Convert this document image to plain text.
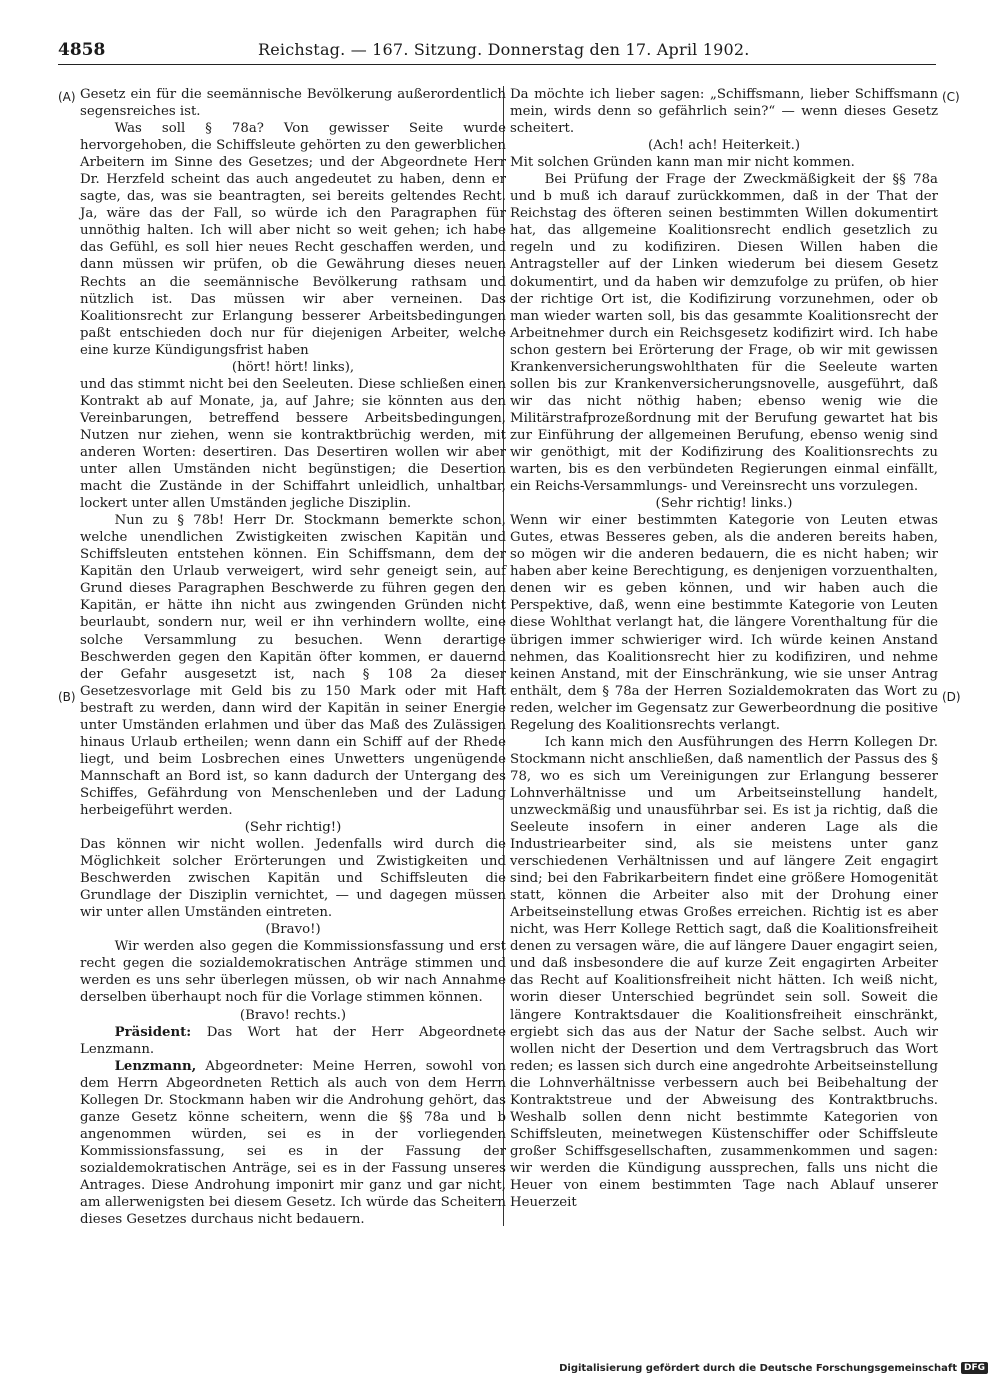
4858	Reichstag. — 167. Sitzung. Donnerstag den 17. April 1902.
(A)
(B)
(C)
(D)

Gesetz ein für die seemännische Bevölkerung außerordentlich segensreiches ist.

Was soll § 78a? Von gewisser Seite wurde hervorgehoben, die Schiffsleute gehörten zu den gewerblichen Arbeitern im Sinne des Gesetzes; und der Abgeordnete Herr Dr. Herzfeld scheint das auch angedeutet zu haben, denn er sagte, das, was sie beantragten, sei bereits geltendes Recht. Ja, wäre das der Fall, so würde ich den Paragraphen für unnöthig halten. Ich will aber nicht so weit gehen; ich habe das Gefühl, es soll hier neues Recht geschaffen werden, und dann müssen wir prüfen, ob die Gewährung dieses neuen Rechts an die seemännische Bevölkerung rathsam und nützlich ist. Das müssen wir aber verneinen. Das Koalitionsrecht zur Erlangung besserer Arbeitsbedingungen paßt entschieden doch nur für diejenigen Arbeiter, welche eine kurze Kündigungsfrist haben

(hört! hört! links),

und das stimmt nicht bei den Seeleuten. Diese schließen einen Kontrakt ab auf Monate, ja, auf Jahre; sie könnten aus den Vereinbarungen, betreffend bessere Arbeitsbedingungen, Nutzen nur ziehen, wenn sie kontraktbrüchig werden, mit anderen Worten: desertiren. Das Desertiren wollen wir aber unter allen Umständen nicht begünstigen; die Desertion macht die Zustände in der Schiffahrt unleidlich, unhaltbar, lockert unter allen Umständen jegliche Disziplin.

Nun zu § 78b! Herr Dr. Stockmann bemerkte schon, welche unendlichen Zwistigkeiten zwischen Kapitän und Schiffsleuten entstehen können. Ein Schiffsmann, dem der Kapitän den Urlaub verweigert, wird sehr geneigt sein, auf Grund dieses Paragraphen Beschwerde zu führen gegen den Kapitän, er hätte ihn nicht aus zwingenden Gründen nicht beurlaubt, sondern nur, weil er ihn verhindern wollte, eine solche Versammlung zu besuchen. Wenn derartige Beschwerden gegen den Kapitän öfter kommen, er dauernd der Gefahr ausgesetzt ist, nach § 108 2a dieser Gesetzesvorlage mit Geld bis zu 150 Mark oder mit Haft bestraft zu werden, dann wird der Kapitän in seiner Energie unter Umständen erlahmen und über das Maß des Zulässigen hinaus Urlaub ertheilen; wenn dann ein Schiff auf der Rhede liegt, und beim Losbrechen eines Unwetters ungenügende Mannschaft an Bord ist, so kann dadurch der Untergang des Schiffes, Gefährdung von Menschenleben und der Ladung herbeigeführt werden.

(Sehr richtig!)

Das können wir nicht wollen. Jedenfalls wird durch die Möglichkeit solcher Erörterungen und Zwistigkeiten und Beschwerden zwischen Kapitän und Schiffsleuten die Grundlage der Disziplin vernichtet, — und dagegen müssen wir unter allen Umständen eintreten.

(Bravo!)

Wir werden also gegen die Kommissionsfassung und erst recht gegen die sozialdemokratischen Anträge stimmen und werden es uns sehr überlegen müssen, ob wir nach Annahme derselben überhaupt noch für die Vorlage stimmen können.

(Bravo! rechts.)

Präsident: Das Wort hat der Herr Abgeordnete Lenzmann.

Lenzmann, Abgeordneter: Meine Herren, sowohl von dem Herrn Abgeordneten Rettich als auch von dem Herrn Kollegen Dr. Stockmann haben wir die Androhung gehört, das ganze Gesetz könne scheitern, wenn die §§ 78a und b angenommen würden, sei es in der vorliegenden Kommissionsfassung, sei es in der Fassung der sozialdemokratischen Anträge, sei es in der Fassung unseres Antrages. Diese Androhung imponirt mir ganz und gar nicht, am allerwenigsten bei diesem Gesetz. Ich würde das Scheitern dieses Gesetzes durchaus nicht bedauern.

Da möchte ich lieber sagen: „Schiffsmann, lieber Schiffsmann mein, wirds denn so gefährlich sein?“ — wenn dieses Gesetz scheitert.

(Ach! ach! Heiterkeit.)

Mit solchen Gründen kann man mir nicht kommen.

Bei Prüfung der Frage der Zweckmäßigkeit der §§ 78a und b muß ich darauf zurückkommen, daß in der That der Reichstag des öfteren seinen bestimmten Willen dokumentirt hat, das allgemeine Koalitionsrecht endlich gesetzlich zu regeln und zu kodifiziren. Diesen Willen haben die Antragsteller auf der Linken wiederum bei diesem Gesetz dokumentirt, und da haben wir demzufolge zu prüfen, ob hier der richtige Ort ist, die Kodifizirung vorzunehmen, oder ob man wieder warten soll, bis das gesammte Koalitionsrecht der Arbeitnehmer durch ein Reichsgesetz kodifizirt wird. Ich habe schon gestern bei Erörterung der Frage, ob wir mit gewissen Krankenversicherungswohlthaten für die Seeleute warten sollen bis zur Krankenversicherungsnovelle, ausgeführt, daß wir das nicht nöthig haben; ebenso wenig wie die Militärstrafprozeßordnung mit der Berufung gewartet hat bis zur Einführung der allgemeinen Berufung, ebenso wenig sind wir genöthigt, mit der Kodifizirung des Koalitionsrechts zu warten, bis es den verbündeten Regierungen einmal einfällt, ein Reichs-Versammlungs- und Vereinsrecht uns vorzulegen.

(Sehr richtig! links.)

Wenn wir einer bestimmten Kategorie von Leuten etwas Gutes, etwas Besseres geben, als die anderen bereits haben, so mögen wir die anderen bedauern, die es nicht haben; wir haben aber keine Berechtigung, es denjenigen vorzuenthalten, denen wir es geben können, und wir haben auch die Perspektive, daß, wenn eine bestimmte Kategorie von Leuten diese Wohlthat verlangt hat, die längere Vorenthaltung für die übrigen immer schwieriger wird. Ich würde keinen Anstand nehmen, das Koalitionsrecht hier zu kodifiziren, und nehme keinen Anstand, mit der Einschränkung, wie sie unser Antrag enthält, dem § 78a der Herren Sozialdemokraten das Wort zu reden, welcher im Gegensatz zur Gewerbeordnung die positive Regelung des Koalitionsrechts verlangt.

Ich kann mich den Ausführungen des Herrn Kollegen Dr. Stockmann nicht anschließen, daß namentlich der Passus des § 78, wo es sich um Vereinigungen zur Erlangung besserer Lohnverhältnisse und um Arbeitseinstellung handelt, unzweckmäßig und unausführbar sei. Es ist ja richtig, daß die Seeleute insofern in einer anderen Lage als die Industriearbeiter sind, als sie meistens unter ganz verschiedenen Verhältnissen und auf längere Zeit engagirt sind; bei den Fabrikarbeitern findet eine größere Homogenität statt, können die Arbeiter also mit der Drohung einer Arbeitseinstellung etwas Großes erreichen. Richtig ist es aber nicht, was Herr Kollege Rettich sagt, daß die Koalitionsfreiheit denen zu versagen wäre, die auf längere Dauer engagirt seien, und daß insbesondere die auf kurze Zeit engagirten Arbeiter das Recht auf Koalitionsfreiheit nicht hätten. Ich weiß nicht, worin dieser Unterschied begründet sein soll. Soweit die längere Kontraktsdauer die Koalitionsfreiheit einschränkt, ergiebt sich das aus der Natur der Sache selbst. Auch wir wollen nicht der Desertion und dem Vertragsbruch das Wort reden; es lassen sich durch eine angedrohte Arbeitseinstellung die Lohnverhältnisse verbessern auch bei Beibehaltung der Kontraktstreue und der Abweisung des Kontraktbruchs. Weshalb sollen denn nicht bestimmte Kategorien von Schiffsleuten, meinetwegen Küstenschiffer oder Schiffsleute großer Schiffsgesellschaften, zusammenkommen und sagen: wir werden die Kündigung aussprechen, falls uns nicht die Heuer von einem bestimmten Tage nach Ablauf unserer Heuerzeit

Digitalisierung gefördert durch die Deutsche Forschungsgemeinschaft DFG
